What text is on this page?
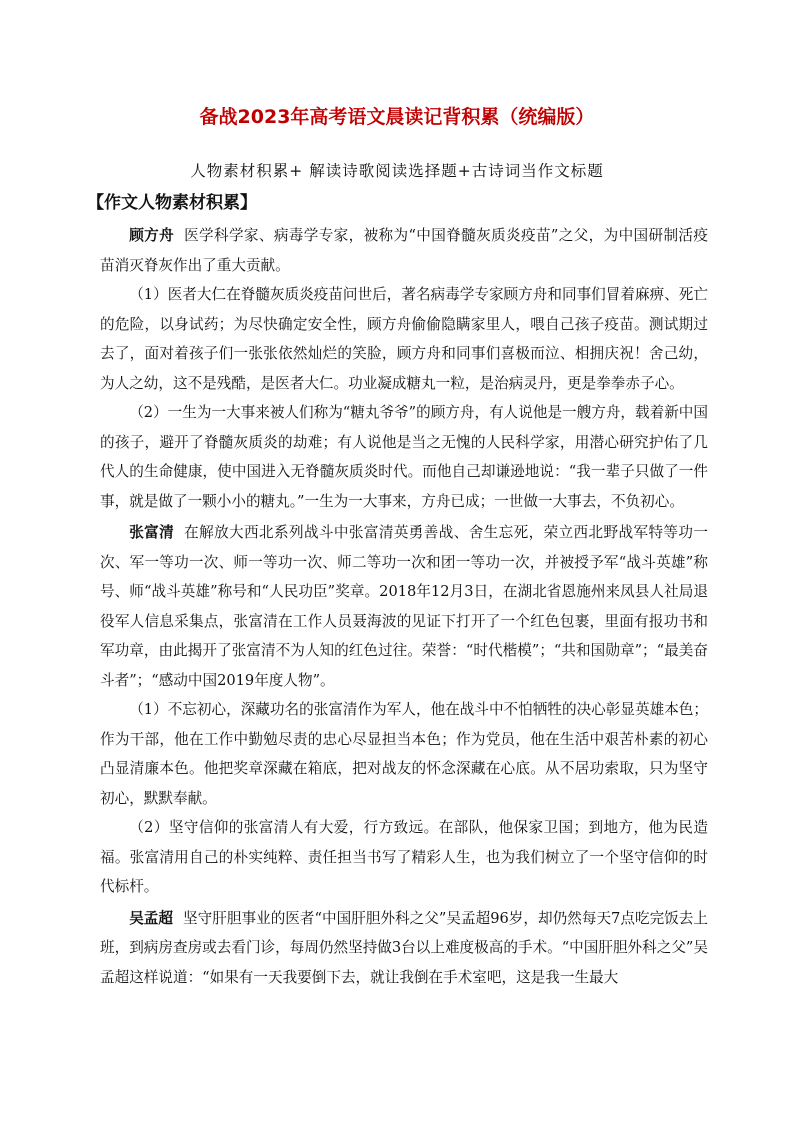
备战2023年高考语文晨读记背积累（统编版）
人物素材积累+ 解读诗歌阅读选择题+古诗词当作文标题
【作文人物素材积累】

顾方舟 医学科学家、病毒学专家，被称为“中国脊髓灰质炎疫苗”之父，为中国研制活疫苗消灭脊灰作出了重大贡献。

（1）医者大仁在脊髓灰质炎疫苗问世后，著名病毒学专家顾方舟和同事们冒着麻痹、死亡的危险，以身试药；为尽快确定安全性，顾方舟偷偷隐瞒家里人，喂自己孩子疫苗。测试期过去了，面对着孩子们一张张依然灿烂的笑脸，顾方舟和同事们喜极而泣、相拥庆祝！舍己幼，为人之幼，这不是残酷，是医者大仁。功业凝成糖丸一粒，是治病灵丹，更是拳拳赤子心。

（2）一生为一大事来被人们称为“糖丸爷爷”的顾方舟，有人说他是一艘方舟，载着新中国的孩子，避开了脊髓灰质炎的劫难；有人说他是当之无愧的人民科学家，用潜心研究护佑了几代人的生命健康，使中国进入无脊髓灰质炎时代。而他自己却谦逊地说：“我一辈子只做了一件事，就是做了一颗小小的糖丸。”一生为一大事来，方舟已成；一世做一大事去，不负初心。

张富清 在解放大西北系列战斗中张富清英勇善战、舍生忘死，荣立西北野战军特等功一次、军一等功一次、师一等功一次、师二等功一次和团一等功一次，并被授予军“战斗英雄”称号、师“战斗英雄”称号和“人民功臣”奖章。2018年12月3日，在湖北省恩施州来凤县人社局退役军人信息采集点，张富清在工作人员聂海波的见证下打开了一个红色包裹，里面有报功书和军功章，由此揭开了张富清不为人知的红色过往。荣誉：“时代楷模”；“共和国勋章”；“最美奋斗者”；“感动中国2019年度人物”。

（1）不忘初心，深藏功名的张富清作为军人，他在战斗中不怕牺牲的决心彰显英雄本色；作为干部，他在工作中勤勉尽责的忠心尽显担当本色；作为党员，他在生活中艰苦朴素的初心凸显清廉本色。他把奖章深藏在箱底，把对战友的怀念深藏在心底。从不居功索取，只为坚守初心，默默奉献。

（2）坚守信仰的张富清人有大爱，行方致远。在部队，他保家卫国；到地方，他为民造福。张富清用自己的朴实纯粹、责任担当书写了精彩人生，也为我们树立了一个坚守信仰的时代标杆。

吴孟超 坚守肝胆事业的医者“中国肝胆外科之父”吴孟超96岁，却仍然每天7点吃完饭去上班，到病房查房或去看门诊，每周仍然坚持做3台以上难度极高的手术。“中国肝胆外科之父”吴孟超这样说道：“如果有一天我要倒下去，就让我倒在手术室吧，这是我一生最大
